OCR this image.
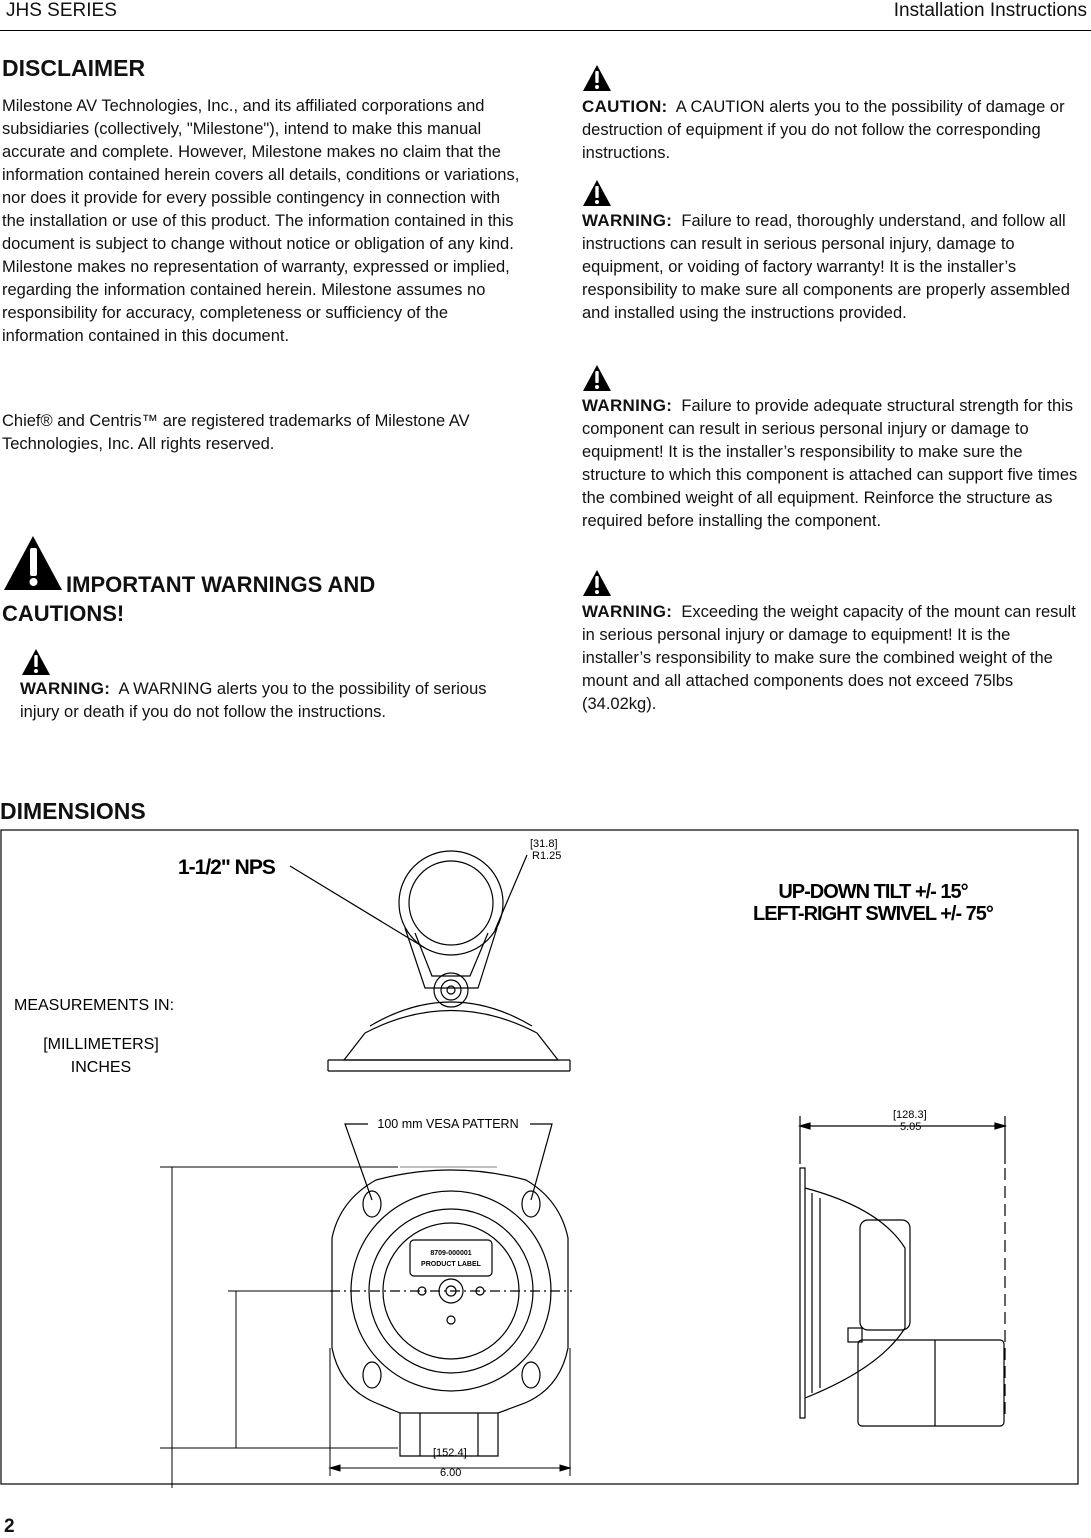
JHS SERIES	Installation Instructions
DISCLAIMER
Milestone AV Technologies, Inc., and its affiliated corporations and subsidiaries (collectively, "Milestone"), intend to make this manual accurate and complete. However, Milestone makes no claim that the information contained herein covers all details, conditions or variations, nor does it provide for every possible contingency in connection with the installation or use of this product. The information contained in this document is subject to change without notice or obligation of any kind. Milestone makes no representation of warranty, expressed or implied, regarding the information contained herein. Milestone assumes no responsibility for accuracy, completeness or sufficiency of the information contained in this document.
Chief® and Centris™ are registered trademarks of Milestone AV Technologies, Inc. All rights reserved.
IMPORTANT WARNINGS AND
CAUTIONS!
WARNING: A WARNING alerts you to the possibility of serious injury or death if you do not follow the instructions.
CAUTION: A CAUTION alerts you to the possibility of damage or destruction of equipment if you do not follow the corresponding instructions.
WARNING: Failure to read, thoroughly understand, and follow all instructions can result in serious personal injury, damage to equipment, or voiding of factory warranty! It is the installer’s responsibility to make sure all components are properly assembled and installed using the instructions provided.
WARNING: Failure to provide adequate structural strength for this component can result in serious personal injury or damage to equipment! It is the installer’s responsibility to make sure the structure to which this component is attached can support five times the combined weight of all equipment. Reinforce the structure as required before installing the component.
WARNING: Exceeding the weight capacity of the mount can result in serious personal injury or damage to equipment! It is the installer’s responsibility to make sure the combined weight of the mount and all attached components does not exceed 75lbs (34.02kg).
DIMENSIONS
1-1/2" NPS
[31.8]
R1.25
UP-DOWN TILT +/- 15°
LEFT-RIGHT SWIVEL +/- 75°
MEASUREMENTS IN:
[MILLIMETERS]
INCHES
100 mm VESA PATTERN
8709-000001
PRODUCT LABEL
[152.4]
6.00
[128.3]
5.05
2
